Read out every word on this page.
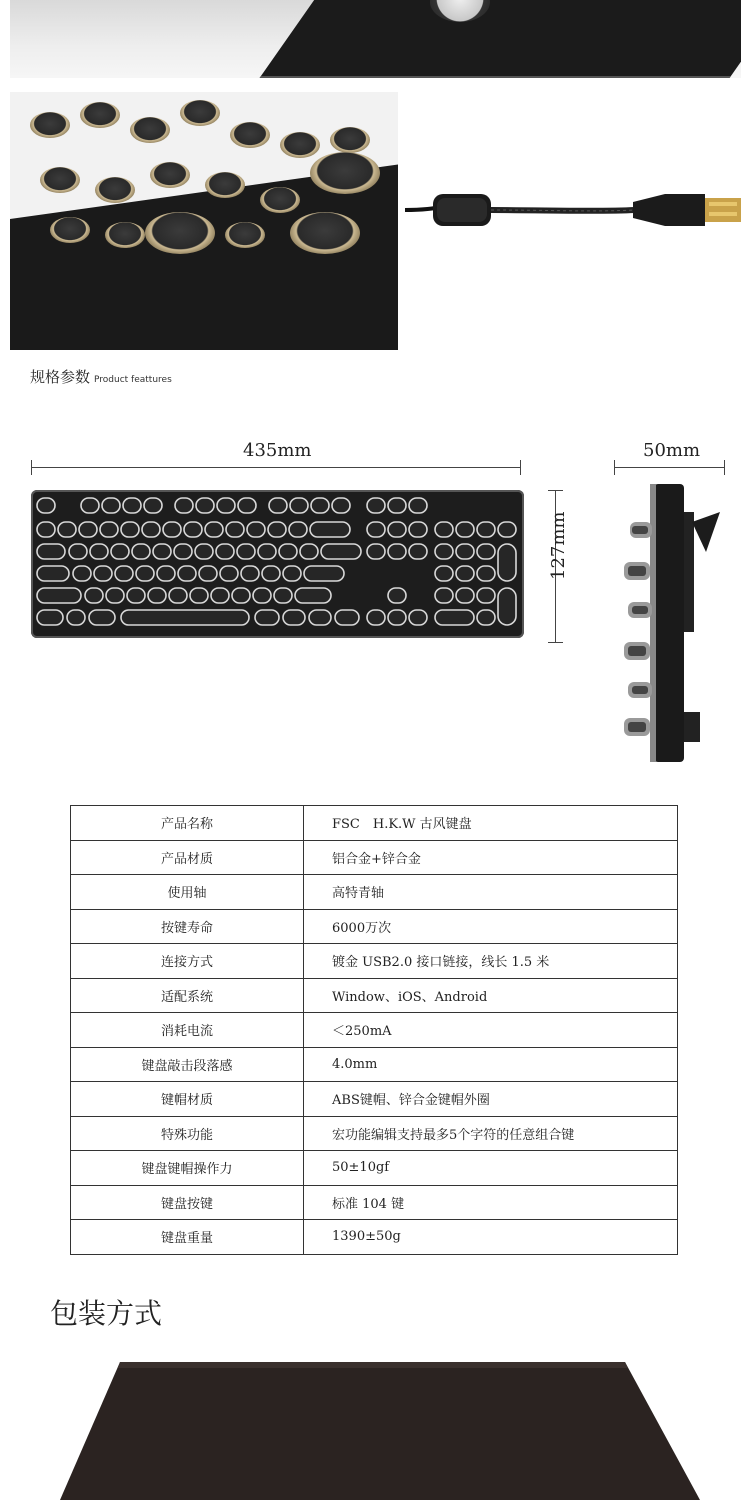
规格参数 Product feattures
435mm
127mm
50mm
产品名称	FSC　H.K.W 古风键盘
产品材质	铝合金+锌合金
使用轴	高特青轴
按键寿命	6000万次
连接方式	镀金 USB2.0 接口链接，线长 1.5 米
适配系统	Window、iOS、Android
消耗电流	＜250mA
键盘敲击段落感	4.0mm
键帽材质	ABS键帽、锌合金键帽外圈
特殊功能	宏功能编辑支持最多5个字符的任意组合键
键盘键帽操作力	50±10gf
键盘按键	标准 104 键
键盘重量	1390±50g
包装方式
